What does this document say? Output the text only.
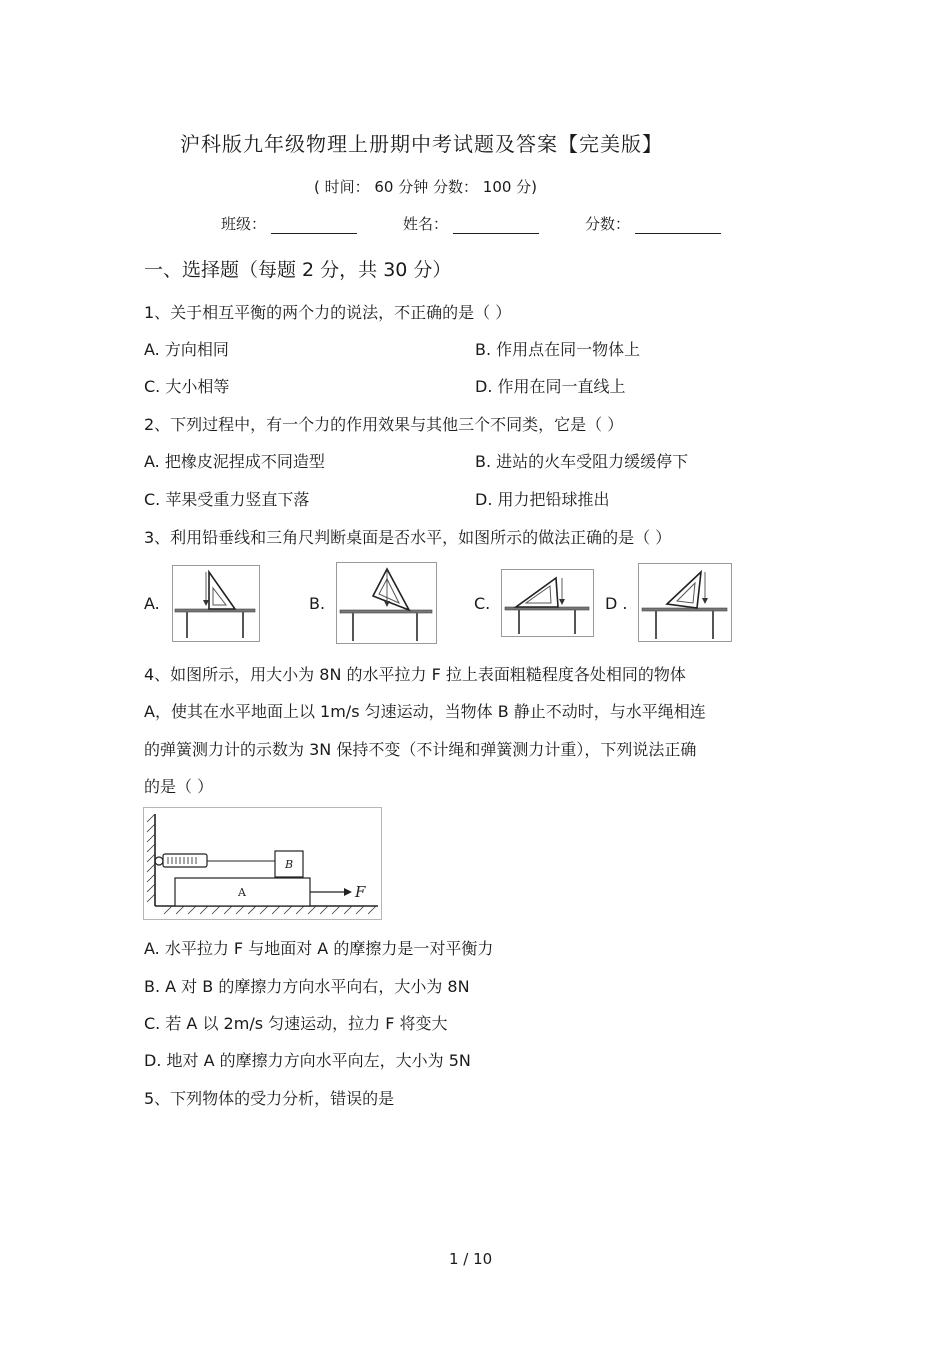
沪科版九年级物理上册期中考试题及答案【完美版】
( 时间： 60 分钟 分数： 100 分)
班级：	姓名：	分数：
一、选择题（每题 2 分，共 30 分）
1、关于相互平衡的两个力的说法，不正确的是（ ）
A. 方向相同	B. 作用点在同一物体上
C. 大小相等	D. 作用在同一直线上
2、下列过程中，有一个力的作用效果与其他三个不同类，它是（ ）
A. 把橡皮泥捏成不同造型	B. 进站的火车受阻力缓缓停下
C. 苹果受重力竖直下落	D. 用力把铅球推出
3、利用铅垂线和三角尺判断桌面是否水平，如图所示的做法正确的是（ ）
A.	B.	C.	D .
4、如图所示，用大小为 8N 的水平拉力 F 拉上表面粗糙程度各处相同的物体
A，使其在水平地面上以 1m/s 匀速运动，当物体 B 静止不动时，与水平绳相连
的弹簧测力计的示数为 3N 保持不变（不计绳和弹簧测力计重），下列说法正确
的是（ ）
B
A	F
A. 水平拉力 F 与地面对 A 的摩擦力是一对平衡力
B. A 对 B 的摩擦力方向水平向右，大小为 8N
C. 若 A 以 2m/s 匀速运动，拉力 F 将变大
D. 地对 A 的摩擦力方向水平向左，大小为 5N
5、下列物体的受力分析，错误的是
1 / 10
